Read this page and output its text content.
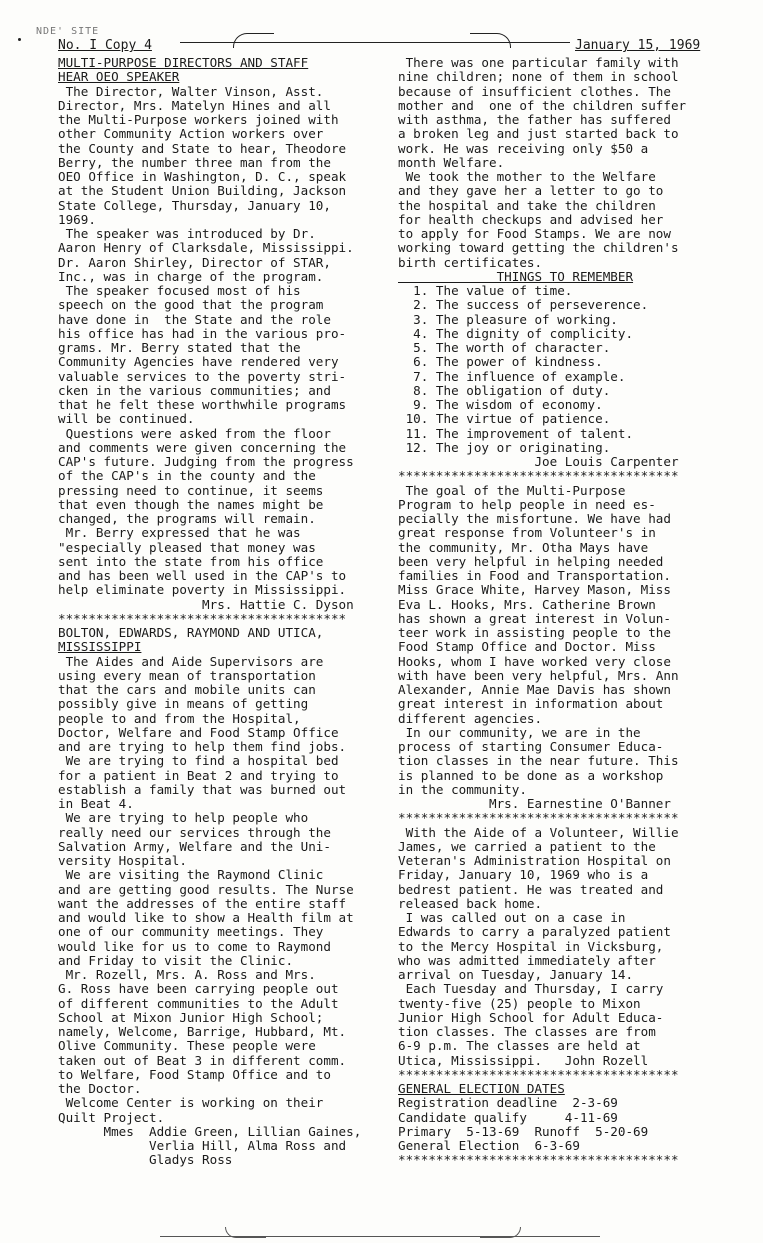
NDE' SITE
No. I Copy 4	January 15, 1969
MULTI-PURPOSE DIRECTORS AND STAFF
HEAR OEO SPEAKER
The Director, Walter Vinson, Asst.
Director, Mrs. Matelyn Hines and all
the Multi-Purpose workers joined with
other Community Action workers over
the County and State to hear, Theodore
Berry, the number three man from the
OEO Office in Washington, D. C., speak
at the Student Union Building, Jackson
State College, Thursday, January 10,
1969.
The speaker was introduced by Dr.
Aaron Henry of Clarksdale, Mississippi.
Dr. Aaron Shirley, Director of STAR,
Inc., was in charge of the program.
The speaker focused most of his
speech on the good that the program
have done in  the State and the role
his office has had in the various pro-
grams. Mr. Berry stated that the
Community Agencies have rendered very
valuable services to the poverty stri-
cken in the various communities; and
that he felt these worthwhile programs
will be continued.
Questions were asked from the floor
and comments were given concerning the
CAP's future. Judging from the progress
of the CAP's in the county and the
pressing need to continue, it seems
that even though the names might be
changed, the programs will remain.
Mr. Berry expressed that he was
"especially pleased that money was
sent into the state from his office
and has been well used in the CAP's to
help eliminate poverty in Mississippi.
Mrs. Hattie C. Dyson
**************************************
BOLTON, EDWARDS, RAYMOND AND UTICA,
MISSISSIPPI
The Aides and Aide Supervisors are
using every mean of transportation
that the cars and mobile units can
possibly give in means of getting
people to and from the Hospital,
Doctor, Welfare and Food Stamp Office
and are trying to help them find jobs.
We are trying to find a hospital bed
for a patient in Beat 2 and trying to
establish a family that was burned out
in Beat 4.
We are trying to help people who
really need our services through the
Salvation Army, Welfare and the Uni-
versity Hospital.
We are visiting the Raymond Clinic
and are getting good results. The Nurse
want the addresses of the entire staff
and would like to show a Health film at
one of our community meetings. They
would like for us to come to Raymond
and Friday to visit the Clinic.
Mr. Rozell, Mrs. A. Ross and Mrs.
G. Ross have been carrying people out
of different communities to the Adult
School at Mixon Junior High School;
namely, Welcome, Barrige, Hubbard, Mt.
Olive Community. These people were
taken out of Beat 3 in different comm.
to Welfare, Food Stamp Office and to
the Doctor.
Welcome Center is working on their
Quilt Project.
Mmes  Addie Green, Lillian Gaines,
Verlia Hill, Alma Ross and
Gladys Ross
There was one particular family with
nine children; none of them in school
because of insufficient clothes. The
mother and  one of the children suffer
with asthma, the father has suffered
a broken leg and just started back to
work. He was receiving only $50 a
month Welfare.
We took the mother to the Welfare
and they gave her a letter to go to
the hospital and take the children
for health checkups and advised her
to apply for Food Stamps. We are now
working toward getting the children's
birth certificates.
THINGS TO REMEMBER
1. The value of time.
2. The success of perseverence.
3. The pleasure of working.
4. The dignity of complicity.
5. The worth of character.
6. The power of kindness.
7. The influence of example.
8. The obligation of duty.
9. The wisdom of economy.
10. The virtue of patience.
11. The improvement of talent.
12. The joy or originating.
Joe Louis Carpenter
*************************************
The goal of the Multi-Purpose
Program to help people in need es-
pecially the misfortune. We have had
great response from Volunteer's in
the community, Mr. Otha Mays have
been very helpful in helping needed
families in Food and Transportation.
Miss Grace White, Harvey Mason, Miss
Eva L. Hooks, Mrs. Catherine Brown
has shown a great interest in Volun-
teer work in assisting people to the
Food Stamp Office and Doctor. Miss
Hooks, whom I have worked very close
with have been very helpful, Mrs. Ann
Alexander, Annie Mae Davis has shown
great interest in information about
different agencies.
In our community, we are in the
process of starting Consumer Educa-
tion classes in the near future. This
is planned to be done as a workshop
in the community.
Mrs. Earnestine O'Banner
*************************************
With the Aide of a Volunteer, Willie
James, we carried a patient to the
Veteran's Administration Hospital on
Friday, January 10, 1969 who is a
bedrest patient. He was treated and
released back home.
I was called out on a case in
Edwards to carry a paralyzed patient
to the Mercy Hospital in Vicksburg,
who was admitted immediately after
arrival on Tuesday, January 14.
Each Tuesday and Thursday, I carry
twenty-five (25) people to Mixon
Junior High School for Adult Educa-
tion classes. The classes are from
6-9 p.m. The classes are held at
Utica, Mississippi.   John Rozell
*************************************
GENERAL ELECTION DATES
Registration deadline  2-3-69
Candidate qualify     4-11-69
Primary  5-13-69  Runoff  5-20-69
General Election  6-3-69
*************************************
